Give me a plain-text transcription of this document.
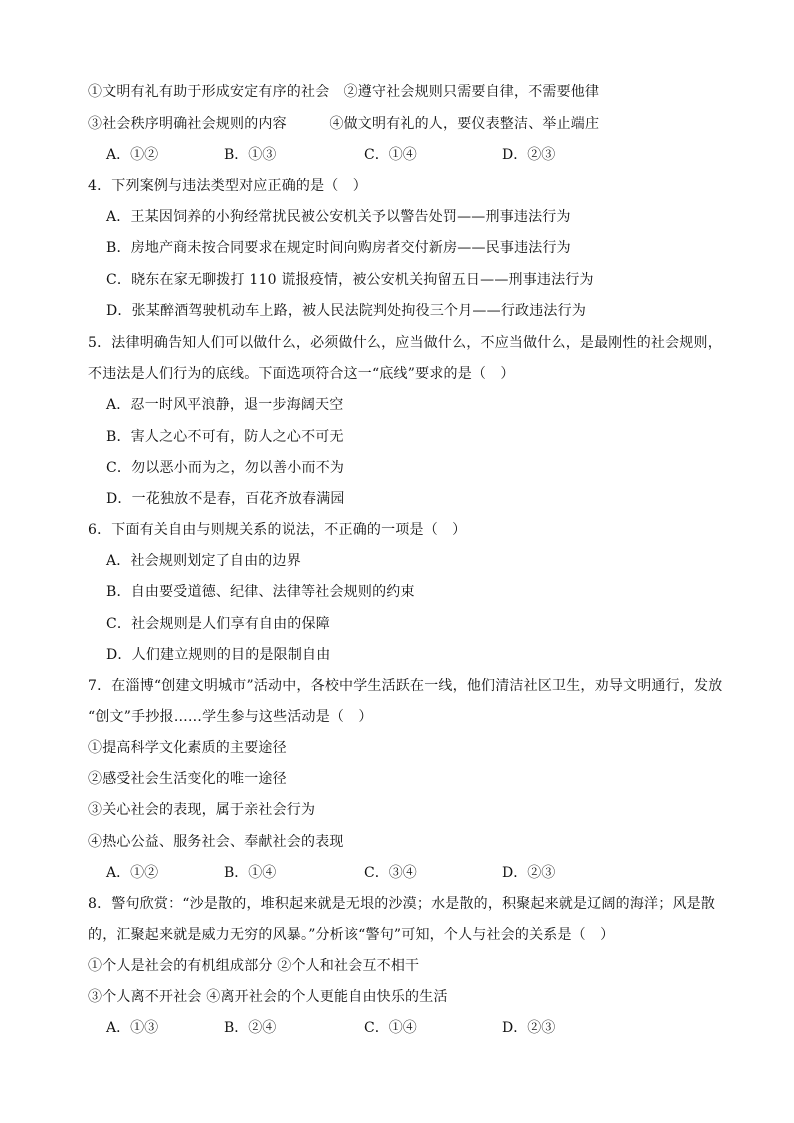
①文明有礼有助于形成安定有序的社会　②遵守社会规则只需要自律，不需要他律
③社会秩序明确社会规则的内容　　　④做文明有礼的人，要仪表整洁、举止端庄
A．①②	B．①③	C．①④	D．②③
4．下列案例与违法类型对应正确的是（　）
A．王某因饲养的小狗经常扰民被公安机关予以警告处罚——刑事违法行为
B．房地产商未按合同要求在规定时间向购房者交付新房——民事违法行为
C．晓东在家无聊拨打 110 谎报疫情，被公安机关拘留五日——刑事违法行为
D．张某醉酒驾驶机动车上路，被人民法院判处拘役三个月——行政违法行为
5．法律明确告知人们可以做什么，必须做什么，应当做什么，不应当做什么，是最刚性的社会规则，
不违法是人们行为的底线。下面选项符合这一“底线”要求的是（　）
A．忍一时风平浪静，退一步海阔天空
B．害人之心不可有，防人之心不可无
C．勿以恶小而为之，勿以善小而不为
D．一花独放不是春，百花齐放春满园
6．下面有关自由与则规关系的说法，不正确的一项是（　）
A．社会规则划定了自由的边界
B．自由要受道德、纪律、法律等社会规则的约束
C．社会规则是人们享有自由的保障
D．人们建立规则的目的是限制自由
7．在淄博“创建文明城市”活动中，各校中学生活跃在一线，他们清洁社区卫生，劝导文明通行，发放
“创文”手抄报……学生参与这些活动是（　）
①提高科学文化素质的主要途径
②感受社会生活变化的唯一途径
③关心社会的表现，属于亲社会行为
④热心公益、服务社会、奉献社会的表现
A．①②	B．①④	C．③④	D．②③
8．警句欣赏：“沙是散的，堆积起来就是无垠的沙漠；水是散的，积聚起来就是辽阔的海洋；风是散
的，汇聚起来就是威力无穷的风暴。”分析该“警句”可知，个人与社会的关系是（　）
①个人是社会的有机组成部分 ②个人和社会互不相干
③个人离不开社会 ④离开社会的个人更能自由快乐的生活
A．①③	B．②④	C．①④	D．②③
